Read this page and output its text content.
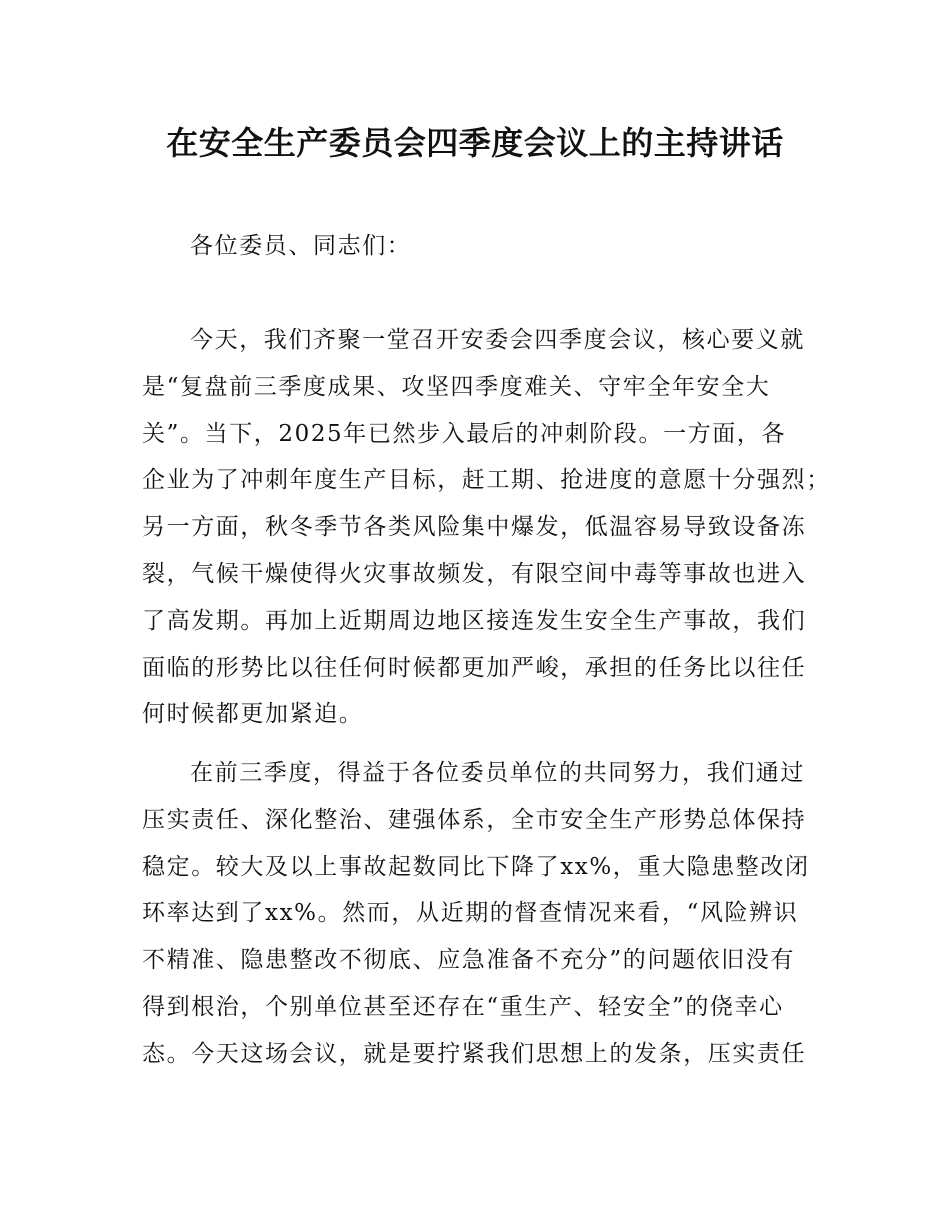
在安全生产委员会四季度会议上的主持讲话
各位委员、同志们：
今天，我们齐聚一堂召开安委会四季度会议，核心要义就
是“复盘前三季度成果、攻坚四季度难关、守牢全年安全大
关”。当下，2025年已然步入最后的冲刺阶段。一方面，各
企业为了冲刺年度生产目标，赶工期、抢进度的意愿十分强烈；
另一方面，秋冬季节各类风险集中爆发，低温容易导致设备冻
裂，气候干燥使得火灾事故频发，有限空间中毒等事故也进入
了高发期。再加上近期周边地区接连发生安全生产事故，我们
面临的形势比以往任何时候都更加严峻，承担的任务比以往任
何时候都更加紧迫。
在前三季度，得益于各位委员单位的共同努力，我们通过
压实责任、深化整治、建强体系，全市安全生产形势总体保持
稳定。较大及以上事故起数同比下降了xx%，重大隐患整改闭
环率达到了xx%。然而，从近期的督查情况来看，“风险辨识
不精准、隐患整改不彻底、应急准备不充分”的问题依旧没有
得到根治，个别单位甚至还存在“重生产、轻安全”的侥幸心
态。今天这场会议，就是要拧紧我们思想上的发条，压实责任
